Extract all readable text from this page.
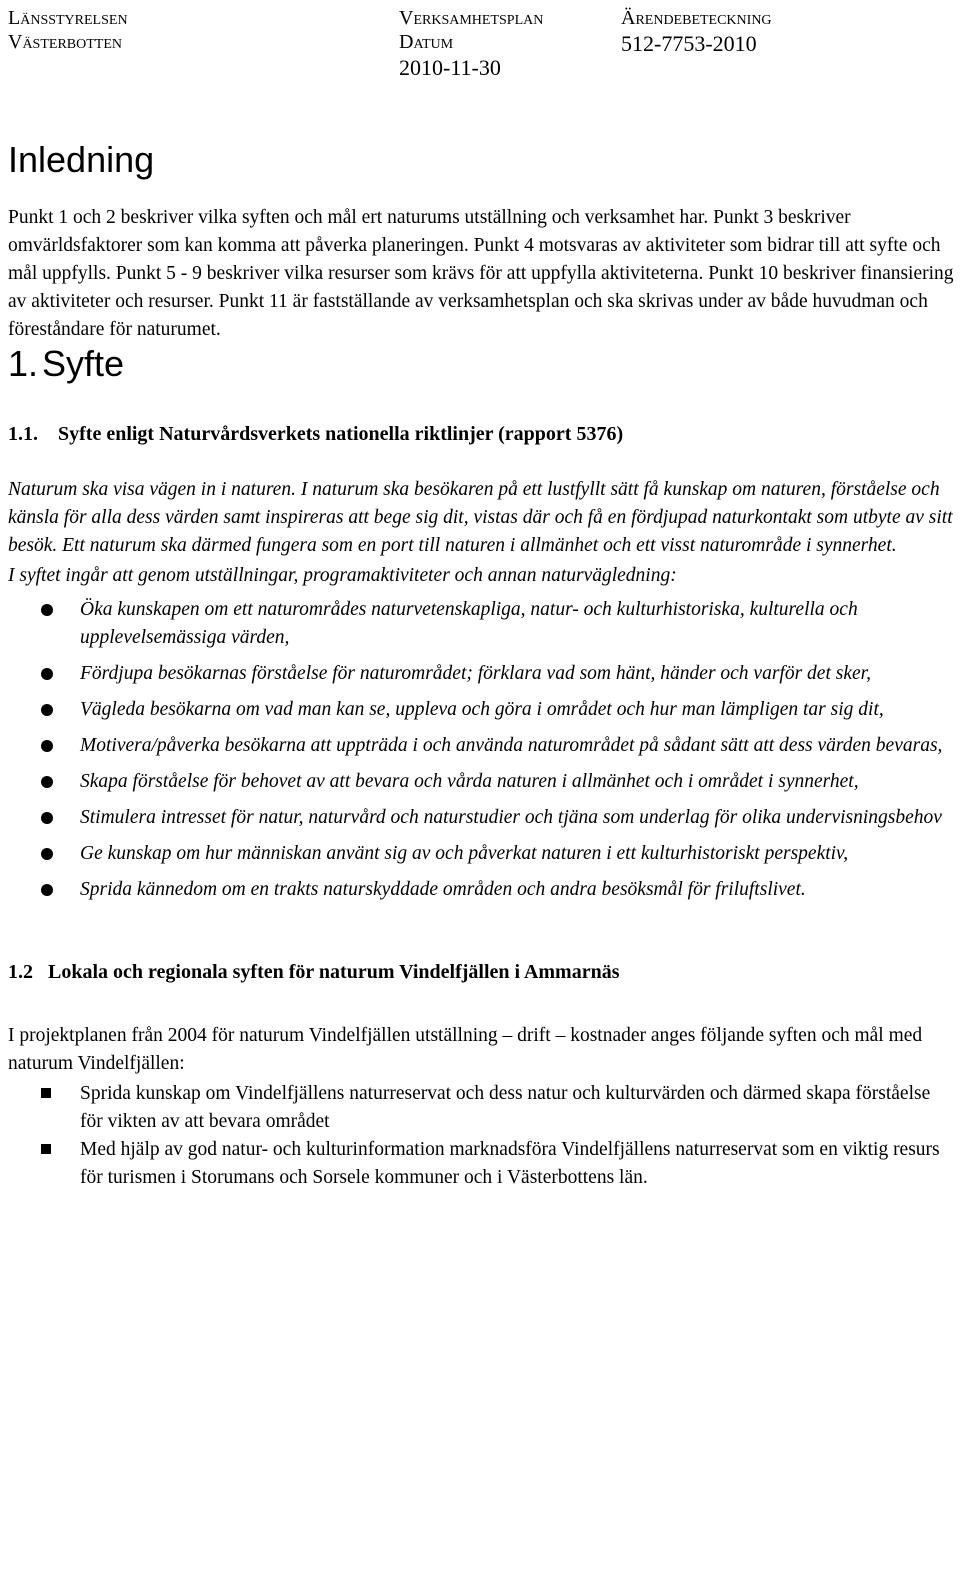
Länsstyrelsen
Västerbotten
Verksamhetsplan
Datum
2010-11-30
Ärendebeteckning
512-7753-2010
Inledning

Punkt 1 och 2 beskriver vilka syften och mål ert naturums utställning och verksamhet har. Punkt 3 beskriver omvärldsfaktorer som kan komma att påverka planeringen. Punkt 4 motsvaras av aktiviteter som bidrar till att syfte och mål uppfylls. Punkt 5 - 9 beskriver vilka resurser som krävs för att uppfylla aktiviteterna. Punkt 10 beskriver finansiering av aktiviteter och resurser. Punkt 11 är fastställande av verksamhetsplan och ska skrivas under av både huvudman och föreståndare för naturumet.

1. Syfte
1.1. Syfte enligt Naturvårdsverkets nationella riktlinjer (rapport 5376)

Naturum ska visa vägen in i naturen. I naturum ska besökaren på ett lustfyllt sätt få kunskap om naturen, förståelse och känsla för alla dess värden samt inspireras att bege sig dit, vistas där och få en fördjupad naturkontakt som utbyte av sitt besök. Ett naturum ska därmed fungera som en port till naturen i allmänhet och ett visst naturområde i synnerhet.

I syftet ingår att genom utställningar, programaktiviteter och annan naturvägledning:

Öka kunskapen om ett naturområdes naturvetenskapliga, natur- och kulturhistoriska, kulturella och upplevelsemässiga värden,
Fördjupa besökarnas förståelse för naturområdet; förklara vad som hänt, händer och varför det sker,
Vägleda besökarna om vad man kan se, uppleva och göra i området och hur man lämpligen tar sig dit,
Motivera/påverka besökarna att uppträda i och använda naturområdet på sådant sätt att dess värden bevaras,
Skapa förståelse för behovet av att bevara och vårda naturen i allmänhet och i området i synnerhet,
Stimulera intresset för natur, naturvård och naturstudier och tjäna som underlag för olika undervisningsbehov
Ge kunskap om hur människan använt sig av och påverkat naturen i ett kulturhistoriskt perspektiv,
Sprida kännedom om en trakts naturskyddade områden och andra besöksmål för friluftslivet.
1.2 Lokala och regionala syften för naturum Vindelfjällen i Ammarnäs

I projektplanen från 2004 för naturum Vindelfjällen utställning – drift – kostnader anges följande syften och mål med naturum Vindelfjällen:

Sprida kunskap om Vindelfjällens naturreservat och dess natur och kulturvärden och därmed skapa förståelse för vikten av att bevara området
Med hjälp av god natur- och kulturinformation marknadsföra Vindelfjällens naturreservat som en viktig resurs för turismen i Storumans och Sorsele kommuner och i Västerbottens län.
